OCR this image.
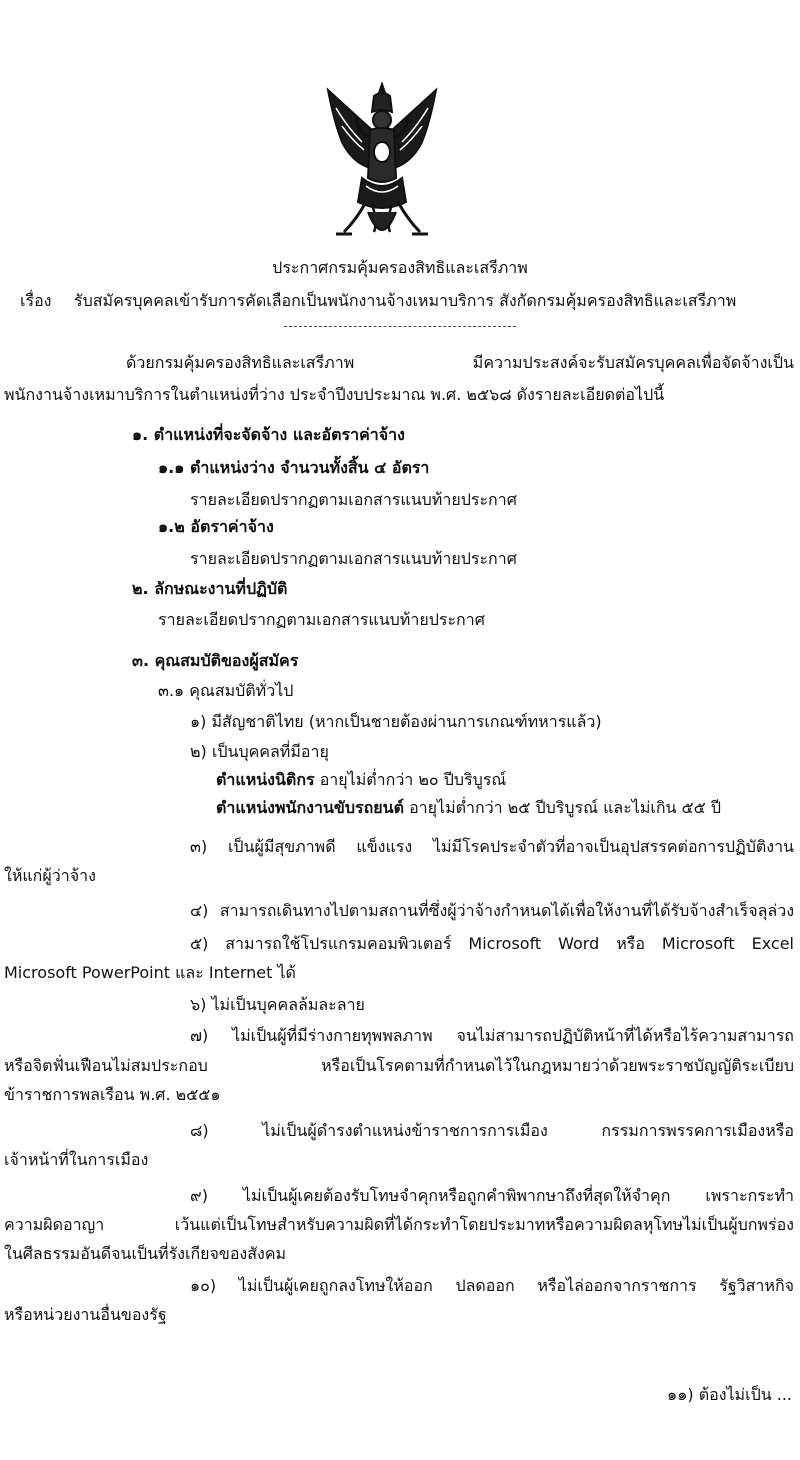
ประกาศกรมคุ้มครองสิทธิและเสรีภาพ
เรื่อง รับสมัครบุคคลเข้ารับการคัดเลือกเป็นพนักงานจ้างเหมาบริการ สังกัดกรมคุ้มครองสิทธิและเสรีภาพ
ด้วยกรมคุ้มครองสิทธิและเสรีภาพ มีความประสงค์จะรับสมัครบุคคลเพื่อจัดจ้างเป็น
พนักงานจ้างเหมาบริการในตำแหน่งที่ว่าง ประจำปีงบประมาณ พ.ศ. ๒๕๖๘ ดังรายละเอียดต่อไปนี้
๑. ตำแหน่งที่จะจัดจ้าง และอัตราค่าจ้าง
๑.๑ ตำแหน่งว่าง จำนวนทั้งสิ้น ๔ อัตรา
รายละเอียดปรากฏตามเอกสารแนบท้ายประกาศ
๑.๒ อัตราค่าจ้าง
รายละเอียดปรากฏตามเอกสารแนบท้ายประกาศ
๒. ลักษณะงานที่ปฏิบัติ
รายละเอียดปรากฏตามเอกสารแนบท้ายประกาศ
๓. คุณสมบัติของผู้สมัคร
๓.๑ คุณสมบัติทั่วไป
๑) มีสัญชาติไทย (หากเป็นชายต้องผ่านการเกณฑ์ทหารแล้ว)
๒) เป็นบุคคลที่มีอายุ
ตำแหน่งนิติกร อายุไม่ต่ำกว่า ๒๐ ปีบริบูรณ์
ตำแหน่งพนักงานขับรถยนต์ อายุไม่ต่ำกว่า ๒๕ ปีบริบูรณ์ และไม่เกิน ๕๕ ปี
๓) เป็นผู้มีสุขภาพดี แข็งแรง ไม่มีโรคประจำตัวที่อาจเป็นอุปสรรคต่อการปฏิบัติงาน
ให้แก่ผู้ว่าจ้าง
๔) สามารถเดินทางไปตามสถานที่ซึ่งผู้ว่าจ้างกำหนดได้เพื่อให้งานที่ได้รับจ้างสำเร็จลุล่วง
๕) สามารถใช้โปรแกรมคอมพิวเตอร์ Microsoft Word หรือ Microsoft Excel
Microsoft PowerPoint และ Internet ได้
๖) ไม่เป็นบุคคลล้มละลาย
๗) ไม่เป็นผู้ที่มีร่างกายทุพพลภาพ จนไม่สามารถปฏิบัติหน้าที่ได้หรือไร้ความสามารถ
หรือจิตฟั่นเฟือนไม่สมประกอบ หรือเป็นโรคตามที่กำหนดไว้ในกฎหมายว่าด้วยพระราชบัญญัติระเบียบ
ข้าราชการพลเรือน พ.ศ. ๒๕๕๑
๘) ไม่เป็นผู้ดำรงตำแหน่งข้าราชการการเมือง กรรมการพรรคการเมืองหรือ
เจ้าหน้าที่ในการเมือง
๙) ไม่เป็นผู้เคยต้องรับโทษจำคุกหรือถูกคำพิพากษาถึงที่สุดให้จำคุก เพราะกระทำ
ความผิดอาญา เว้นแต่เป็นโทษสำหรับความผิดที่ได้กระทำโดยประมาทหรือความผิดลหุโทษไม่เป็นผู้บกพร่อง
ในศีลธรรมอันดีจนเป็นที่รังเกียจของสังคม
๑๐) ไม่เป็นผู้เคยถูกลงโทษให้ออก ปลดออก หรือไล่ออกจากราชการ รัฐวิสาหกิจ
หรือหน่วยงานอื่นของรัฐ
๑๑) ต้องไม่เป็น ...
